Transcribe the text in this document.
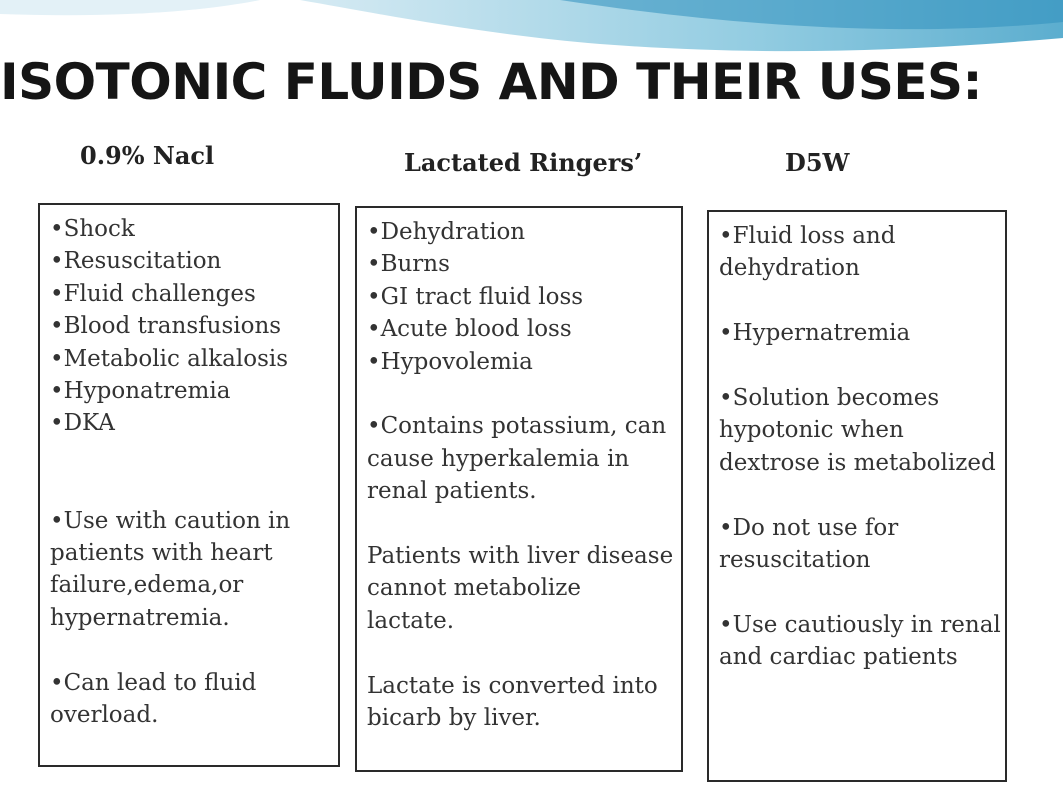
ISOTONIC FLUIDS AND THEIR USES:
0.9% Nacl	Lactated Ringers’	D5W

•Shock

•Resuscitation

•Fluid challenges

•Blood transfusions

•Metabolic alkalosis

•Hyponatremia

•DKA

•Use with caution in

patients with heart

failure,edema,or

hypernatremia.

•Can lead to fluid

overload.

•Dehydration

•Burns

•GI tract fluid loss

•Acute blood loss

•Hypovolemia

•Contains potassium, can

cause hyperkalemia in

renal patients.

Patients with liver disease

cannot metabolize

lactate.

Lactate is converted into

bicarb by liver.

•Fluid loss and

dehydration

•Hypernatremia

•Solution becomes

hypotonic when

dextrose is metabolized

•Do not use for

resuscitation

•Use cautiously in renal

and cardiac patients
